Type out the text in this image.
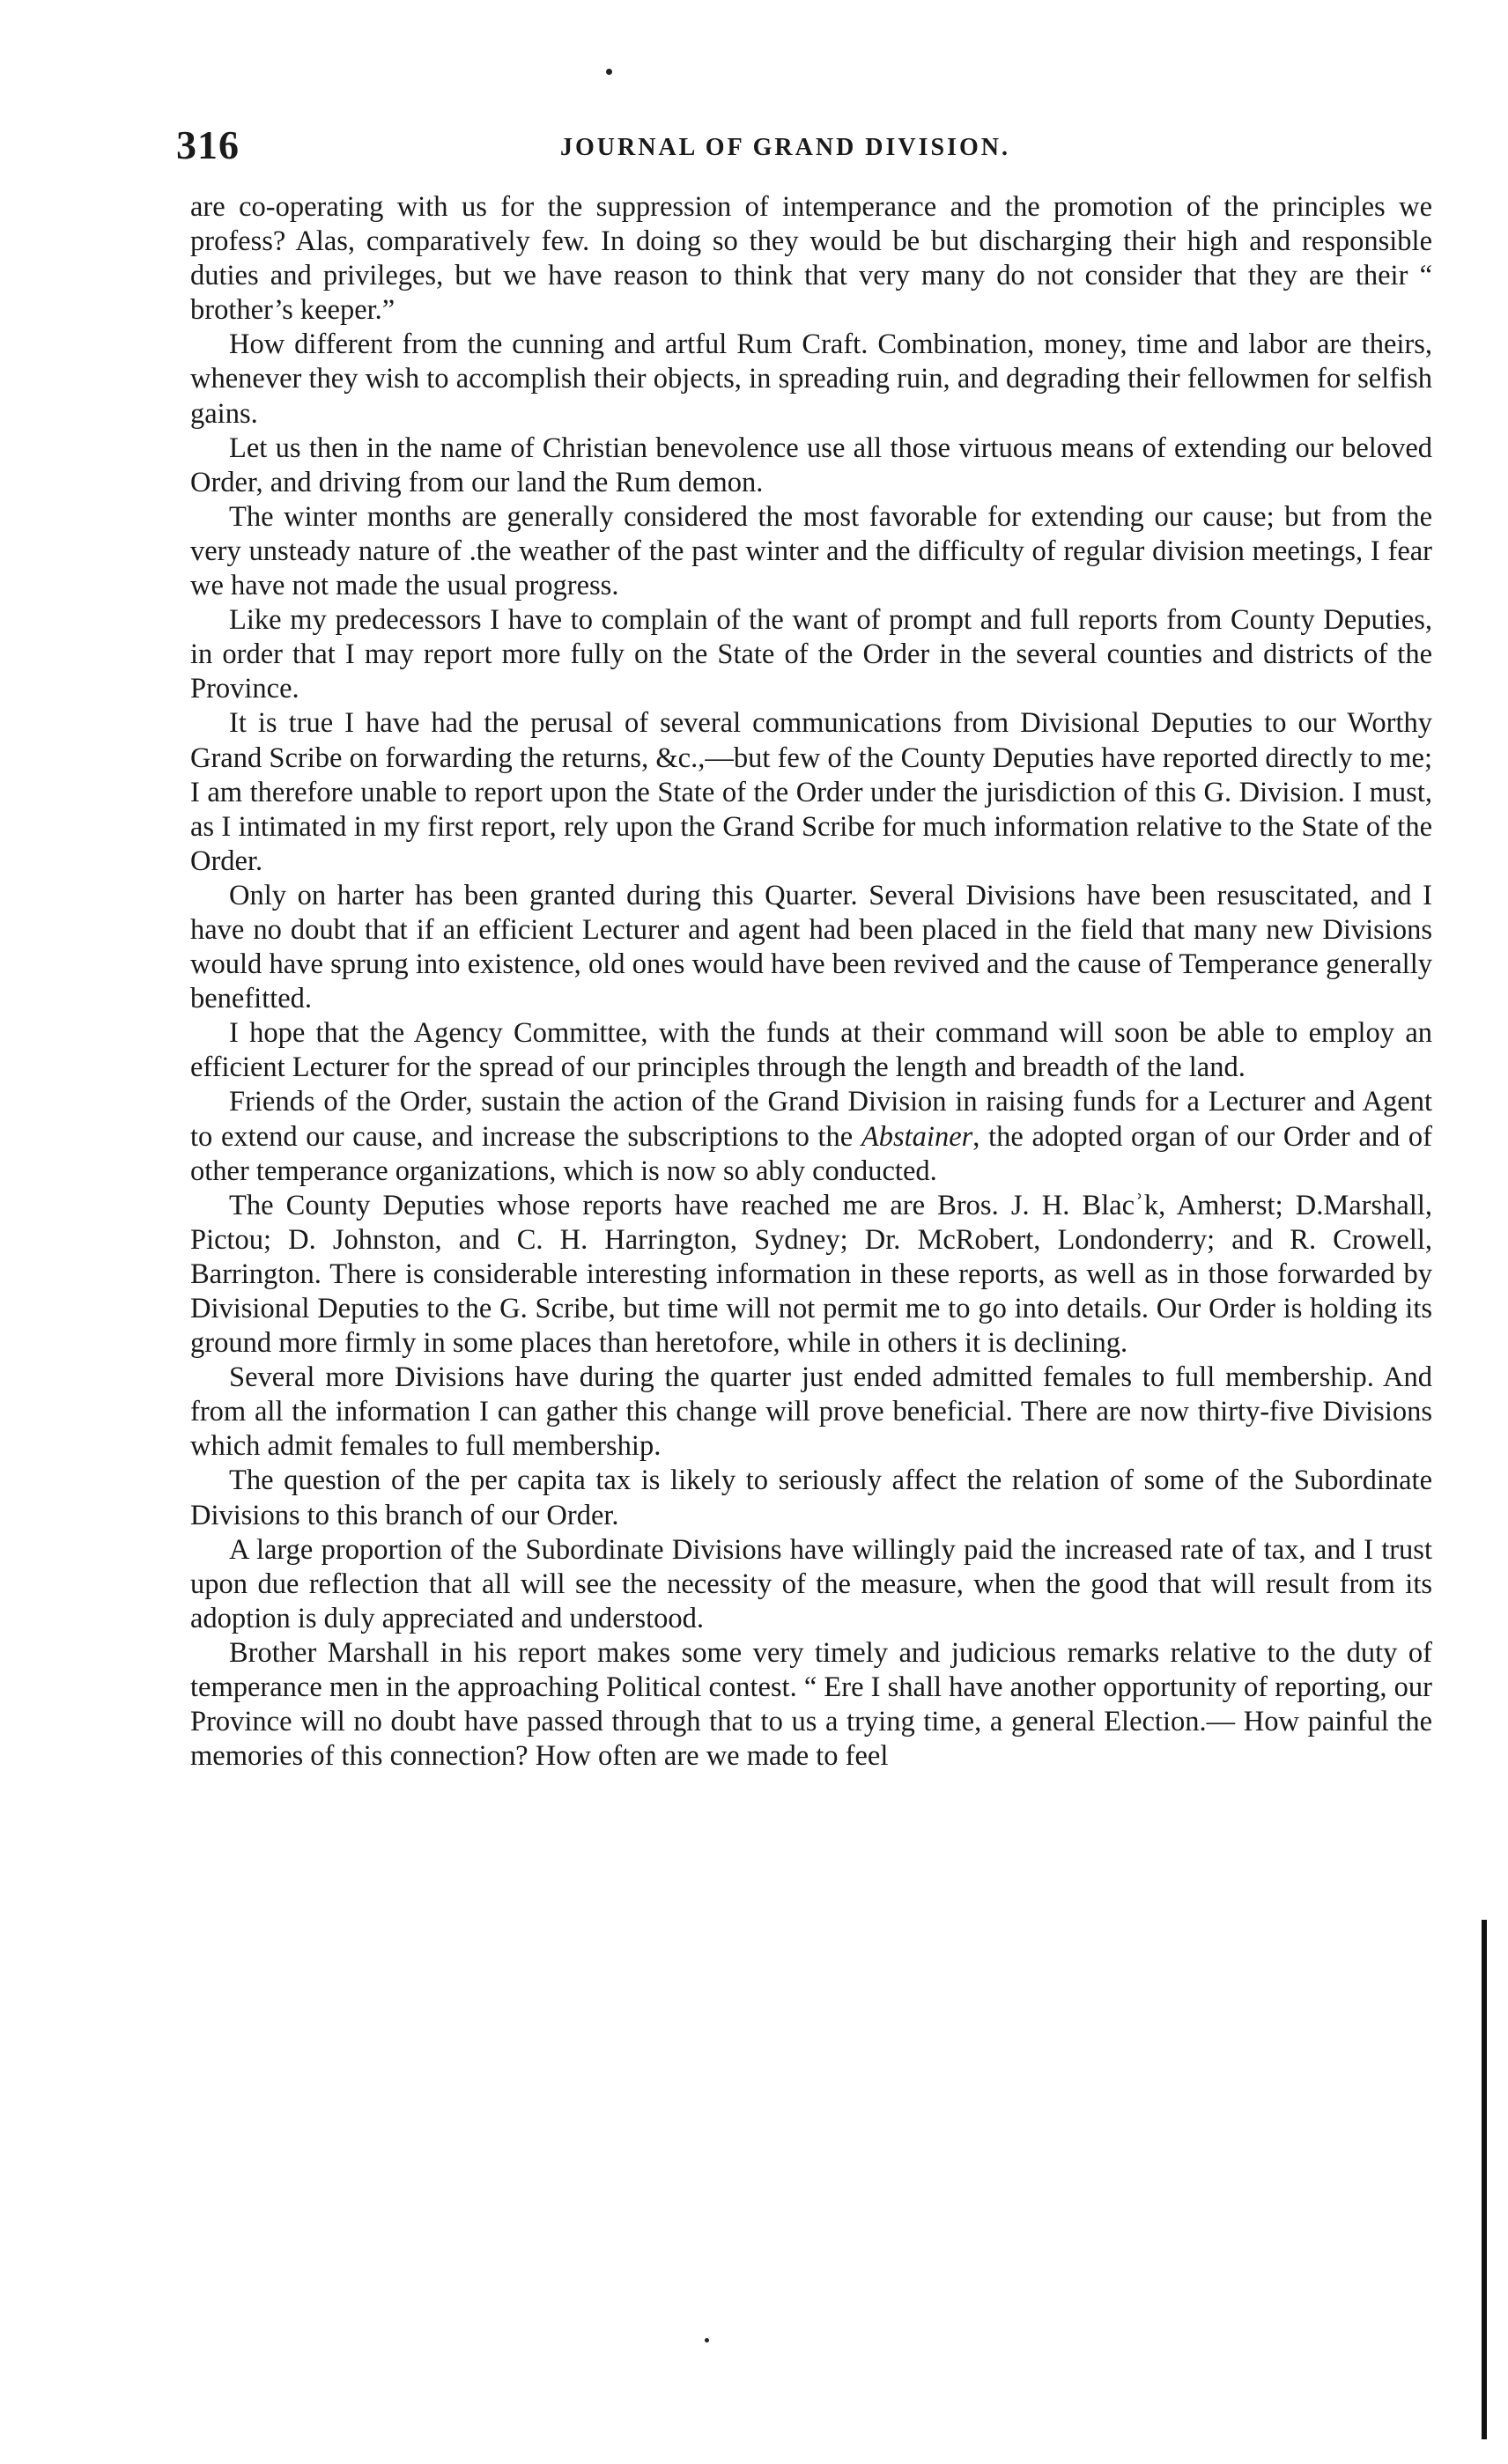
316	JOURNAL OF GRAND DIVISION.

are co-operating with us for the suppression of intemperance and the promotion of the principles we profess? Alas, comparatively few. In doing so they would be but discharging their high and responsible duties and privileges, but we have reason to think that very many do not consider that they are their “ brother’s keeper.”

How different from the cunning and artful Rum Craft. Combination, money, time and labor are theirs, whenever they wish to accomplish their objects, in spreading ruin, and degrading their fellowmen for selfish gains.

Let us then in the name of Christian benevolence use all those virtuous means of extending our beloved Order, and driving from our land the Rum demon.

The winter months are generally considered the most favorable for extending our cause; but from the very unsteady nature of .the weather of the past winter and the difficulty of regular division meetings, I fear we have not made the usual progress.

Like my predecessors I have to complain of the want of prompt and full reports from County Deputies, in order that I may report more fully on the State of the Order in the several counties and districts of the Province.

It is true I have had the perusal of several communications from Divisional Deputies to our Worthy Grand Scribe on forwarding the returns, &c.,—but few of the County Deputies have reported directly to me; I am therefore unable to report upon the State of the Order under the jurisdiction of this G. Division. I must, as I intimated in my first report, rely upon the Grand Scribe for much information relative to the State of the Order.

Only on harter has been granted during this Quarter. Several Divisions have been resuscitated, and I have no doubt that if an efficient Lecturer and agent had been placed in the field that many new Divisions would have sprung into existence, old ones would have been revived and the cause of Temperance generally benefitted.

I hope that the Agency Committee, with the funds at their command will soon be able to employ an efficient Lecturer for the spread of our principles through the length and breadth of the land.

Friends of the Order, sustain the action of the Grand Division in raising funds for a Lecturer and Agent to extend our cause, and increase the subscriptions to the Abstainer, the adopted organ of our Order and of other temperance organizations, which is now so ably conducted.

The County Deputies whose reports have reached me are Bros. J. H. Blacʾk, Amherst; D.Marshall, Pictou; D. Johnston, and C. H. Harrington, Sydney; Dr. McRobert, Londonderry; and R. Crowell, Barrington. There is considerable interesting information in these reports, as well as in those forwarded by Divisional Deputies to the G. Scribe, but time will not permit me to go into details. Our Order is holding its ground more firmly in some places than heretofore, while in others it is declining.

Several more Divisions have during the quarter just ended admitted females to full membership. And from all the information I can gather this change will prove beneficial. There are now thirty-five Divisions which admit females to full membership.

The question of the per capita tax is likely to seriously affect the relation of some of the Subordinate Divisions to this branch of our Order.

A large proportion of the Subordinate Divisions have willingly paid the increased rate of tax, and I trust upon due reflection that all will see the necessity of the measure, when the good that will result from its adoption is duly appreciated and understood.

Brother Marshall in his report makes some very timely and judicious remarks relative to the duty of temperance men in the approaching Political contest. “ Ere I shall have another opportunity of reporting, our Province will no doubt have passed through that to us a trying time, a general Election.— How painful the memories of this connection? How often are we made to feel
